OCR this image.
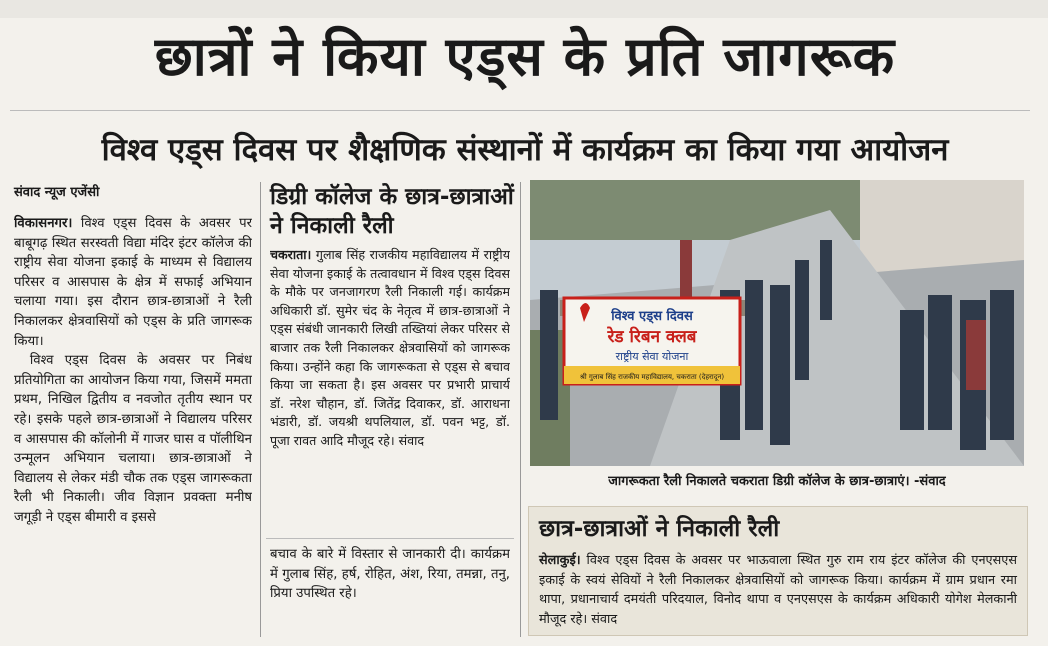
छात्रों ने किया एड्स के प्रति जागरूक
विश्व एड्स दिवस पर शैक्षणिक संस्थानों में कार्यक्रम का किया गया आयोजन
संवाद न्यूज एजेंसी

विकासनगर। विश्व एड्स दिवस के अवसर पर बाबूगढ़ स्थित सरस्वती विद्या मंदिर इंटर कॉलेज की राष्ट्रीय सेवा योजना इकाई के माध्यम से विद्यालय परिसर व आसपास के क्षेत्र में सफाई अभियान चलाया गया। इस दौरान छात्र-छात्राओं ने रैली निकालकर क्षेत्रवासियों को एड्स के प्रति जागरूक किया।

विश्व एड्स दिवस के अवसर पर निबंध प्रतियोगिता का आयोजन किया गया, जिसमें ममता प्रथम, निखिल द्वितीय व नवजोत तृतीय स्थान पर रहे। इसके पहले छात्र-छात्राओं ने विद्यालय परिसर व आसपास की कॉलोनी में गाजर घास व पॉलीथिन उन्मूलन अभियान चलाया। छात्र-छात्राओं ने विद्यालय से लेकर मंडी चौक तक एड्स जागरूकता रैली भी निकाली। जीव विज्ञान प्रवक्ता मनीष जगूड़ी ने एड्स बीमारी व इससे

डिग्री कॉलेज के छात्र-छात्राओं ने निकाली रैली

चकराता। गुलाब सिंह राजकीय महाविद्यालय में राष्ट्रीय सेवा योजना इकाई के तत्वावधान में विश्व एड्स दिवस के मौके पर जनजागरण रैली निकाली गई। कार्यक्रम अधिकारी डॉ. सुमेर चंद के नेतृत्व में छात्र-छात्राओं ने एड्स संबंधी जानकारी लिखी तख्तियां लेकर परिसर से बाजार तक रैली निकालकर क्षेत्रवासियों को जागरूक किया। उन्होंने कहा कि जागरूकता से एड्स से बचाव किया जा सकता है। इस अवसर पर प्रभारी प्राचार्य डॉ. नरेश चौहान, डॉ. जितेंद्र दिवाकर, डॉ. आराधना भंडारी, डॉ. जयश्री थपलियाल, डॉ. पवन भट्ट, डॉ. पूजा रावत आदि मौजूद रहे। संवाद

बचाव के बारे में विस्तार से जानकारी दी। कार्यक्रम में गुलाब सिंह, हर्ष, रोहित, अंश, रिया, तमन्ना, तनु, प्रिया उपस्थित रहे।
विश्व एड्स दिवस
रेड रिबन क्लब
राष्ट्रीय सेवा योजना
श्री गुलाब सिंह राजकीय महाविद्यालय, चकराता (देहरादून)
जागरूकता रैली निकालते चकराता डिग्री कॉलेज के छात्र-छात्राएं। -संवाद
छात्र-छात्राओं ने निकाली रैली
सेलाकुई। विश्व एड्स दिवस के अवसर पर भाऊवाला स्थित गुरु राम राय इंटर कॉलेज की एनएसएस इकाई के स्वयं सेवियों ने रैली निकालकर क्षेत्रवासियों को जागरूक किया। कार्यक्रम में ग्राम प्रधान रमा थापा, प्रधानाचार्य दमयंती परिदयाल, विनोद थापा व एनएसएस के कार्यक्रम अधिकारी योगेश मेलकानी मौजूद रहे। संवाद
